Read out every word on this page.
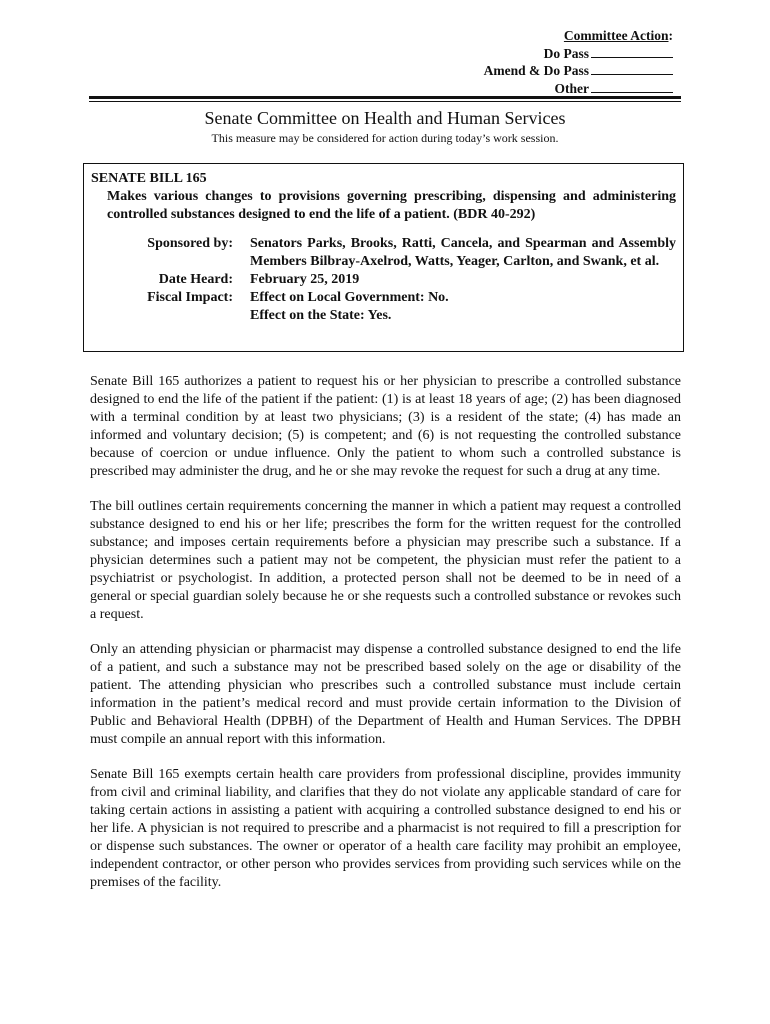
Committee Action:
Do Pass
Amend & Do Pass
Other
Senate Committee on Health and Human Services
This measure may be considered for action during today’s work session.
SENATE BILL 165
Makes various changes to provisions governing prescribing, dispensing and administering controlled substances designed to end the life of a patient. (BDR 40-292)
Sponsored by: Senators Parks, Brooks, Ratti, Cancela, and Spearman and Assembly Members Bilbray-Axelrod, Watts, Yeager, Carlton, and Swank, et al.
Date Heard: February 25, 2019
Fiscal Impact: Effect on Local Government: No.
Effect on the State: Yes.

Senate Bill 165 authorizes a patient to request his or her physician to prescribe a controlled substance designed to end the life of the patient if the patient: (1) is at least 18 years of age; (2) has been diagnosed with a terminal condition by at least two physicians; (3) is a resident of the state; (4) has made an informed and voluntary decision; (5) is competent; and (6) is not requesting the controlled substance because of coercion or undue influence. Only the patient to whom such a controlled substance is prescribed may administer the drug, and he or she may revoke the request for such a drug at any time.

The bill outlines certain requirements concerning the manner in which a patient may request a controlled substance designed to end his or her life; prescribes the form for the written request for the controlled substance; and imposes certain requirements before a physician may prescribe such a substance. If a physician determines such a patient may not be competent, the physician must refer the patient to a psychiatrist or psychologist. In addition, a protected person shall not be deemed to be in need of a general or special guardian solely because he or she requests such a controlled substance or revokes such a request.

Only an attending physician or pharmacist may dispense a controlled substance designed to end the life of a patient, and such a substance may not be prescribed based solely on the age or disability of the patient. The attending physician who prescribes such a controlled substance must include certain information in the patient’s medical record and must provide certain information to the Division of Public and Behavioral Health (DPBH) of the Department of Health and Human Services. The DPBH must compile an annual report with this information.

Senate Bill 165 exempts certain health care providers from professional discipline, provides immunity from civil and criminal liability, and clarifies that they do not violate any applicable standard of care for taking certain actions in assisting a patient with acquiring a controlled substance designed to end his or her life. A physician is not required to prescribe and a pharmacist is not required to fill a prescription for or dispense such substances. The owner or operator of a health care facility may prohibit an employee, independent contractor, or other person who provides services from providing such services while on the premises of the facility.
